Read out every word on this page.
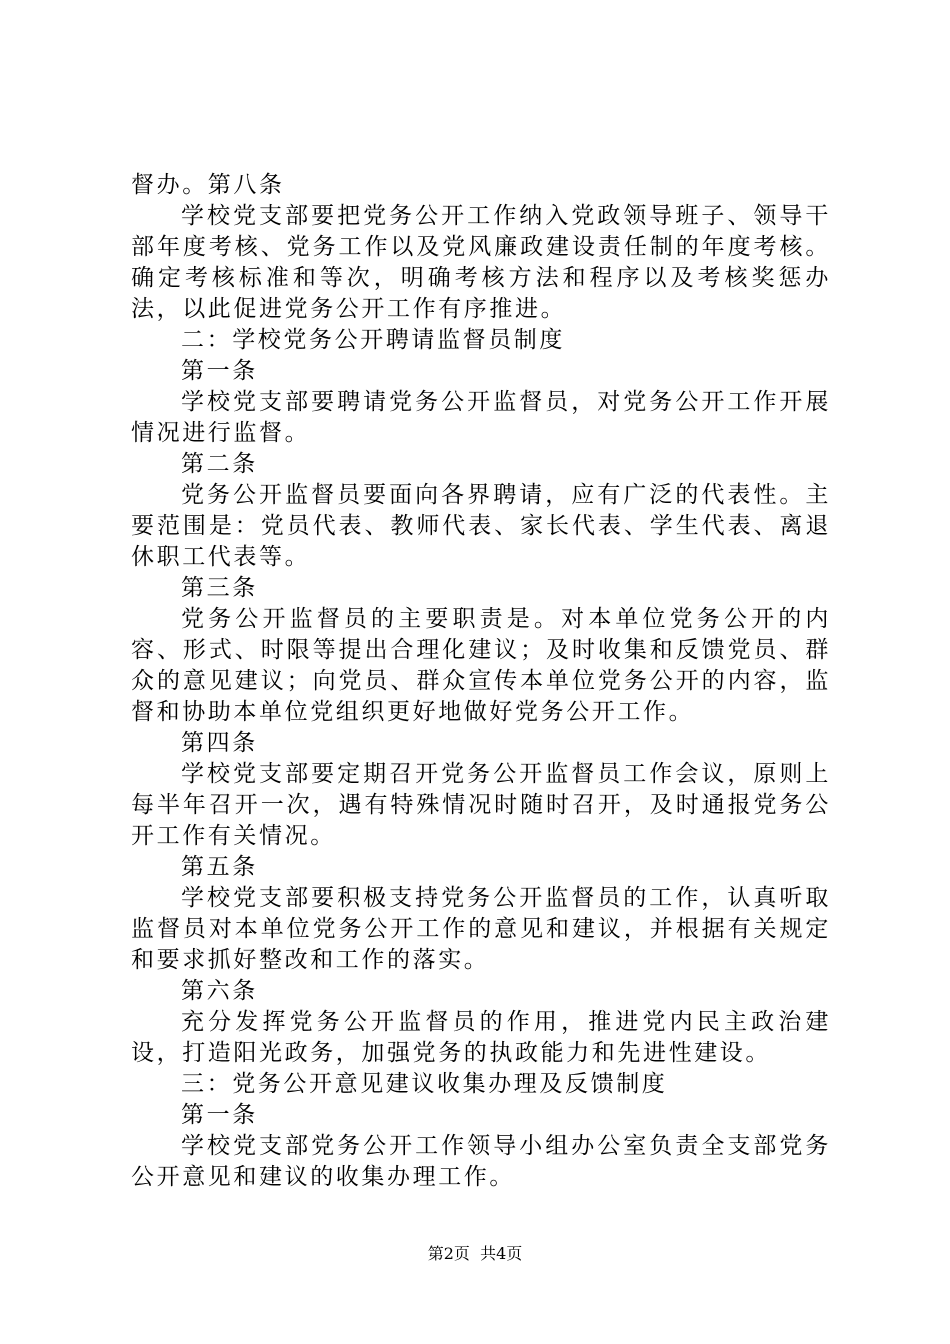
督办。第八条

学校党支部要把党务公开工作纳入党政领导班子、领导干部年度考核、党务工作以及党风廉政建设责任制的年度考核。确定考核标准和等次，明确考核方法和程序以及考核奖惩办法，以此促进党务公开工作有序推进。

二：学校党务公开聘请监督员制度

第一条

学校党支部要聘请党务公开监督员，对党务公开工作开展情况进行监督。

第二条

党务公开监督员要面向各界聘请，应有广泛的代表性。主要范围是：党员代表、教师代表、家长代表、学生代表、离退休职工代表等。

第三条

党务公开监督员的主要职责是。对本单位党务公开的内容、形式、时限等提出合理化建议；及时收集和反馈党员、群众的意见建议；向党员、群众宣传本单位党务公开的内容，监督和协助本单位党组织更好地做好党务公开工作。

第四条

学校党支部要定期召开党务公开监督员工作会议，原则上每半年召开一次，遇有特殊情况时随时召开，及时通报党务公开工作有关情况。

第五条

学校党支部要积极支持党务公开监督员的工作，认真听取监督员对本单位党务公开工作的意见和建议，并根据有关规定和要求抓好整改和工作的落实。

第六条

充分发挥党务公开监督员的作用，推进党内民主政治建设，打造阳光政务，加强党务的执政能力和先进性建设。

三：党务公开意见建议收集办理及反馈制度

第一条

学校党支部党务公开工作领导小组办公室负责全支部党务公开意见和建议的收集办理工作。

第2页  共4页
